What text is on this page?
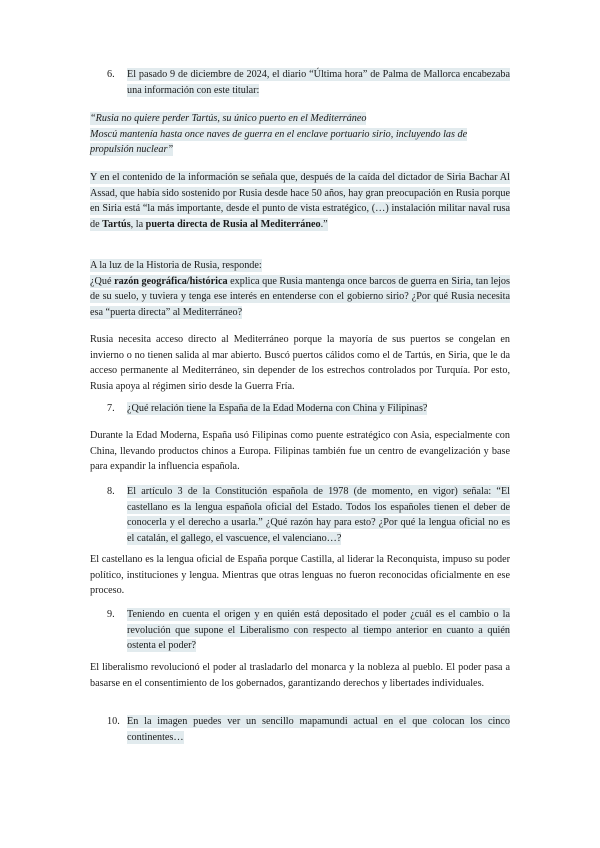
6. El pasado 9 de diciembre de 2024, el diario “Última hora” de Palma de Mallorca encabezaba una información con este titular:
“Rusia no quiere perder Tartús, su único puerto en el Mediterráneo
Moscú mantenía hasta once naves de guerra en el enclave portuario sirio, incluyendo las de propulsión nuclear”
Y en el contenido de la información se señala que, después de la caída del dictador de Siria Bachar Al Assad, que había sido sostenido por Rusia desde hace 50 años, hay gran preocupación en Rusia porque en Siria está “la más importante, desde el punto de vista estratégico, (…) instalación militar naval rusa de Tartús, la puerta directa de Rusia al Mediterráneo.”
A la luz de la Historia de Rusia, responde:
¿Qué razón geográfica/histórica explica que Rusia mantenga once barcos de guerra en Siria, tan lejos de su suelo, y tuviera y tenga ese interés en entenderse con el gobierno sirio? ¿Por qué Rusia necesita esa “puerta directa” al Mediterráneo?
Rusia necesita acceso directo al Mediterráneo porque la mayoría de sus puertos se congelan en invierno o no tienen salida al mar abierto. Buscó puertos cálidos como el de Tartús, en Siria, que le da acceso permanente al Mediterráneo, sin depender de los estrechos controlados por Turquía. Por esto, Rusia apoya al régimen sirio desde la Guerra Fría.
7. ¿Qué relación tiene la España de la Edad Moderna con China y Filipinas?
Durante la Edad Moderna, España usó Filipinas como puente estratégico con Asia, especialmente con China, llevando productos chinos a Europa. Filipinas también fue un centro de evangelización y base para expandir la influencia española.
8. El artículo 3 de la Constitución española de 1978 (de momento, en vigor) señala: “El castellano es la lengua española oficial del Estado. Todos los españoles tienen el deber de conocerla y el derecho a usarla.” ¿Qué razón hay para esto? ¿Por qué la lengua oficial no es el catalán, el gallego, el vascuence, el valenciano…?
El castellano es la lengua oficial de España porque Castilla, al liderar la Reconquista, impuso su poder político, instituciones y lengua. Mientras que otras lenguas no fueron reconocidas oficialmente en ese proceso.
9. Teniendo en cuenta el origen y en quién está depositado el poder ¿cuál es el cambio o la revolución que supone el Liberalismo con respecto al tiempo anterior en cuanto a quién ostenta el poder?
El liberalismo revolucionó el poder al trasladarlo del monarca y la nobleza al pueblo. El poder pasa a basarse en el consentimiento de los gobernados, garantizando derechos y libertades individuales.
10. En la imagen puedes ver un sencillo mapamundi actual en el que colocan los cinco continentes…
